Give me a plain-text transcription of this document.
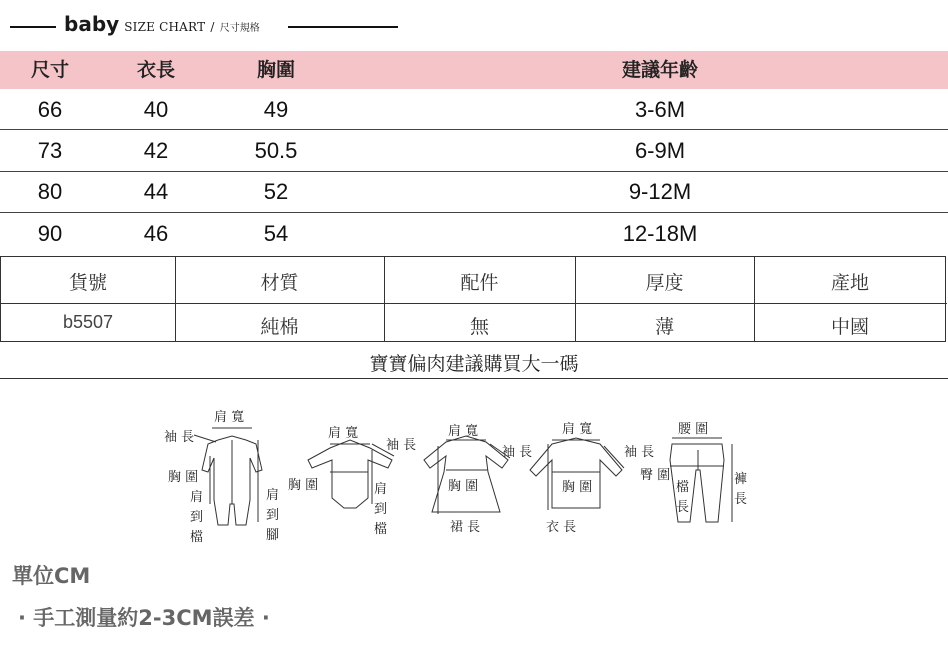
baby SIZE CHART / 尺寸規格
尺寸	衣長	胸圍	建議年齡
66	40	49	3-6M
73	42	50.5	6-9M
80	44	52	9-12M
90	46	54	12-18M
貨號	材質	配件	厚度	產地
b5507	純棉	無	薄	中國
寶寶偏肉建議購買大一碼
肩 寬
袖 長
胸 圍
肩
到
檔
肩
到
腳
肩 寬
袖 長
胸 圍	肩
到
檔
肩 寬
袖 長
胸 圍
裙 長
肩 寬
袖 長
胸 圍
衣 長
腰 圍
臀 圍
檔
長
褲
長
單位CM
· 手工測量約2-3CM誤差 ·
